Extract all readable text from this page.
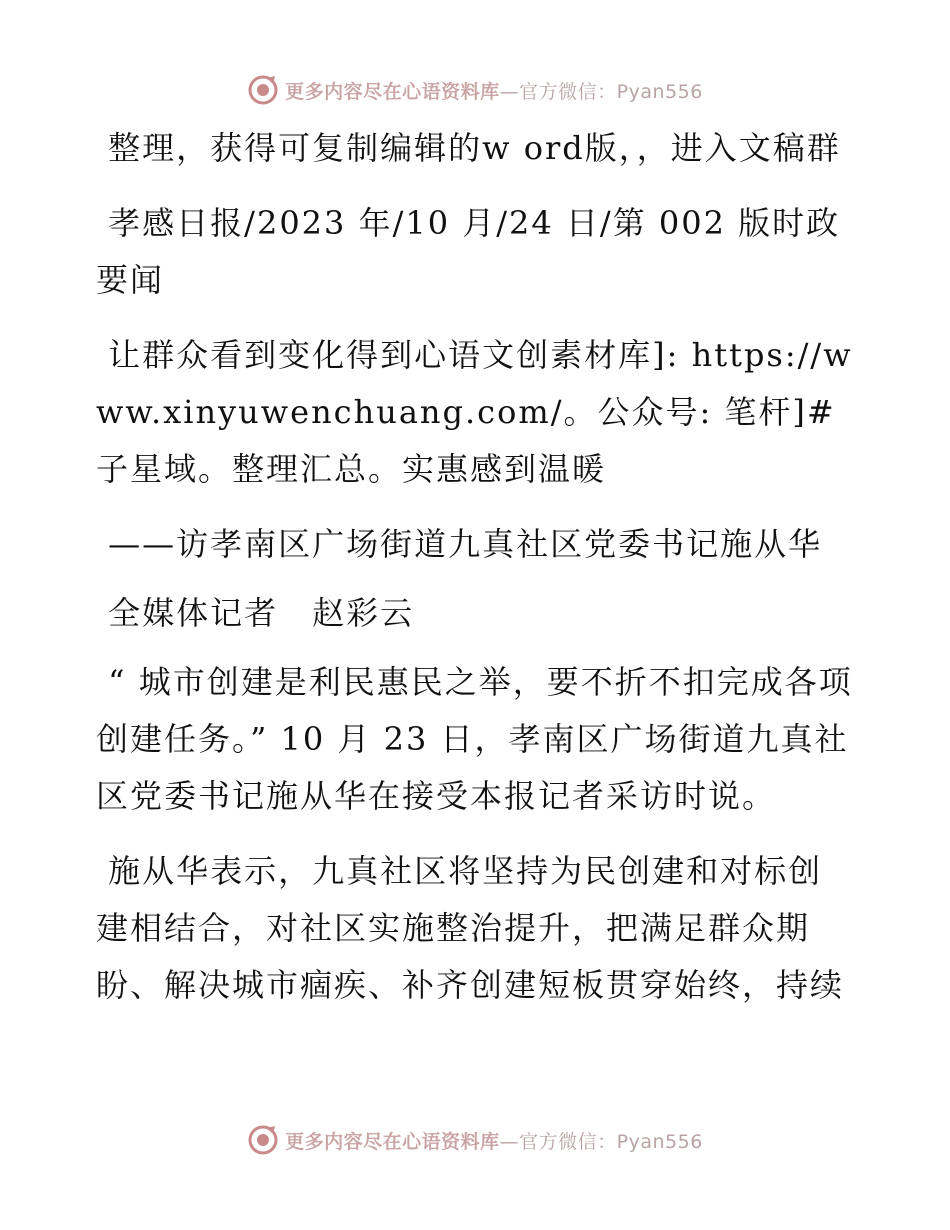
更多内容尽在心语资料库—官方微信：Pyan556

整理，获得可复制编辑的w ord版，，进入文稿群

孝感日报/2023 年/10 月/24 日/第 002 版时政要闻

让群众看到变化得到心语文创素材库]: https://www.xinyuwenchuang.com/。公众号: 笔杆]#子星域。整理汇总。实惠感到温暖

——访孝南区广场街道九真社区党委书记施从华

全媒体记者　赵彩云

“ 城市创建是利民惠民之举，要不折不扣完成各项创建任务。” 10 月 23 日，孝南区广场街道九真社区党委书记施从华在接受本报记者采访时说。

施从华表示，九真社区将坚持为民创建和对标创建相结合，对社区实施整治提升，把满足群众期盼、解决城市痼疾、补齐创建短板贯穿始终，持续

更多内容尽在心语资料库—官方微信：Pyan556
